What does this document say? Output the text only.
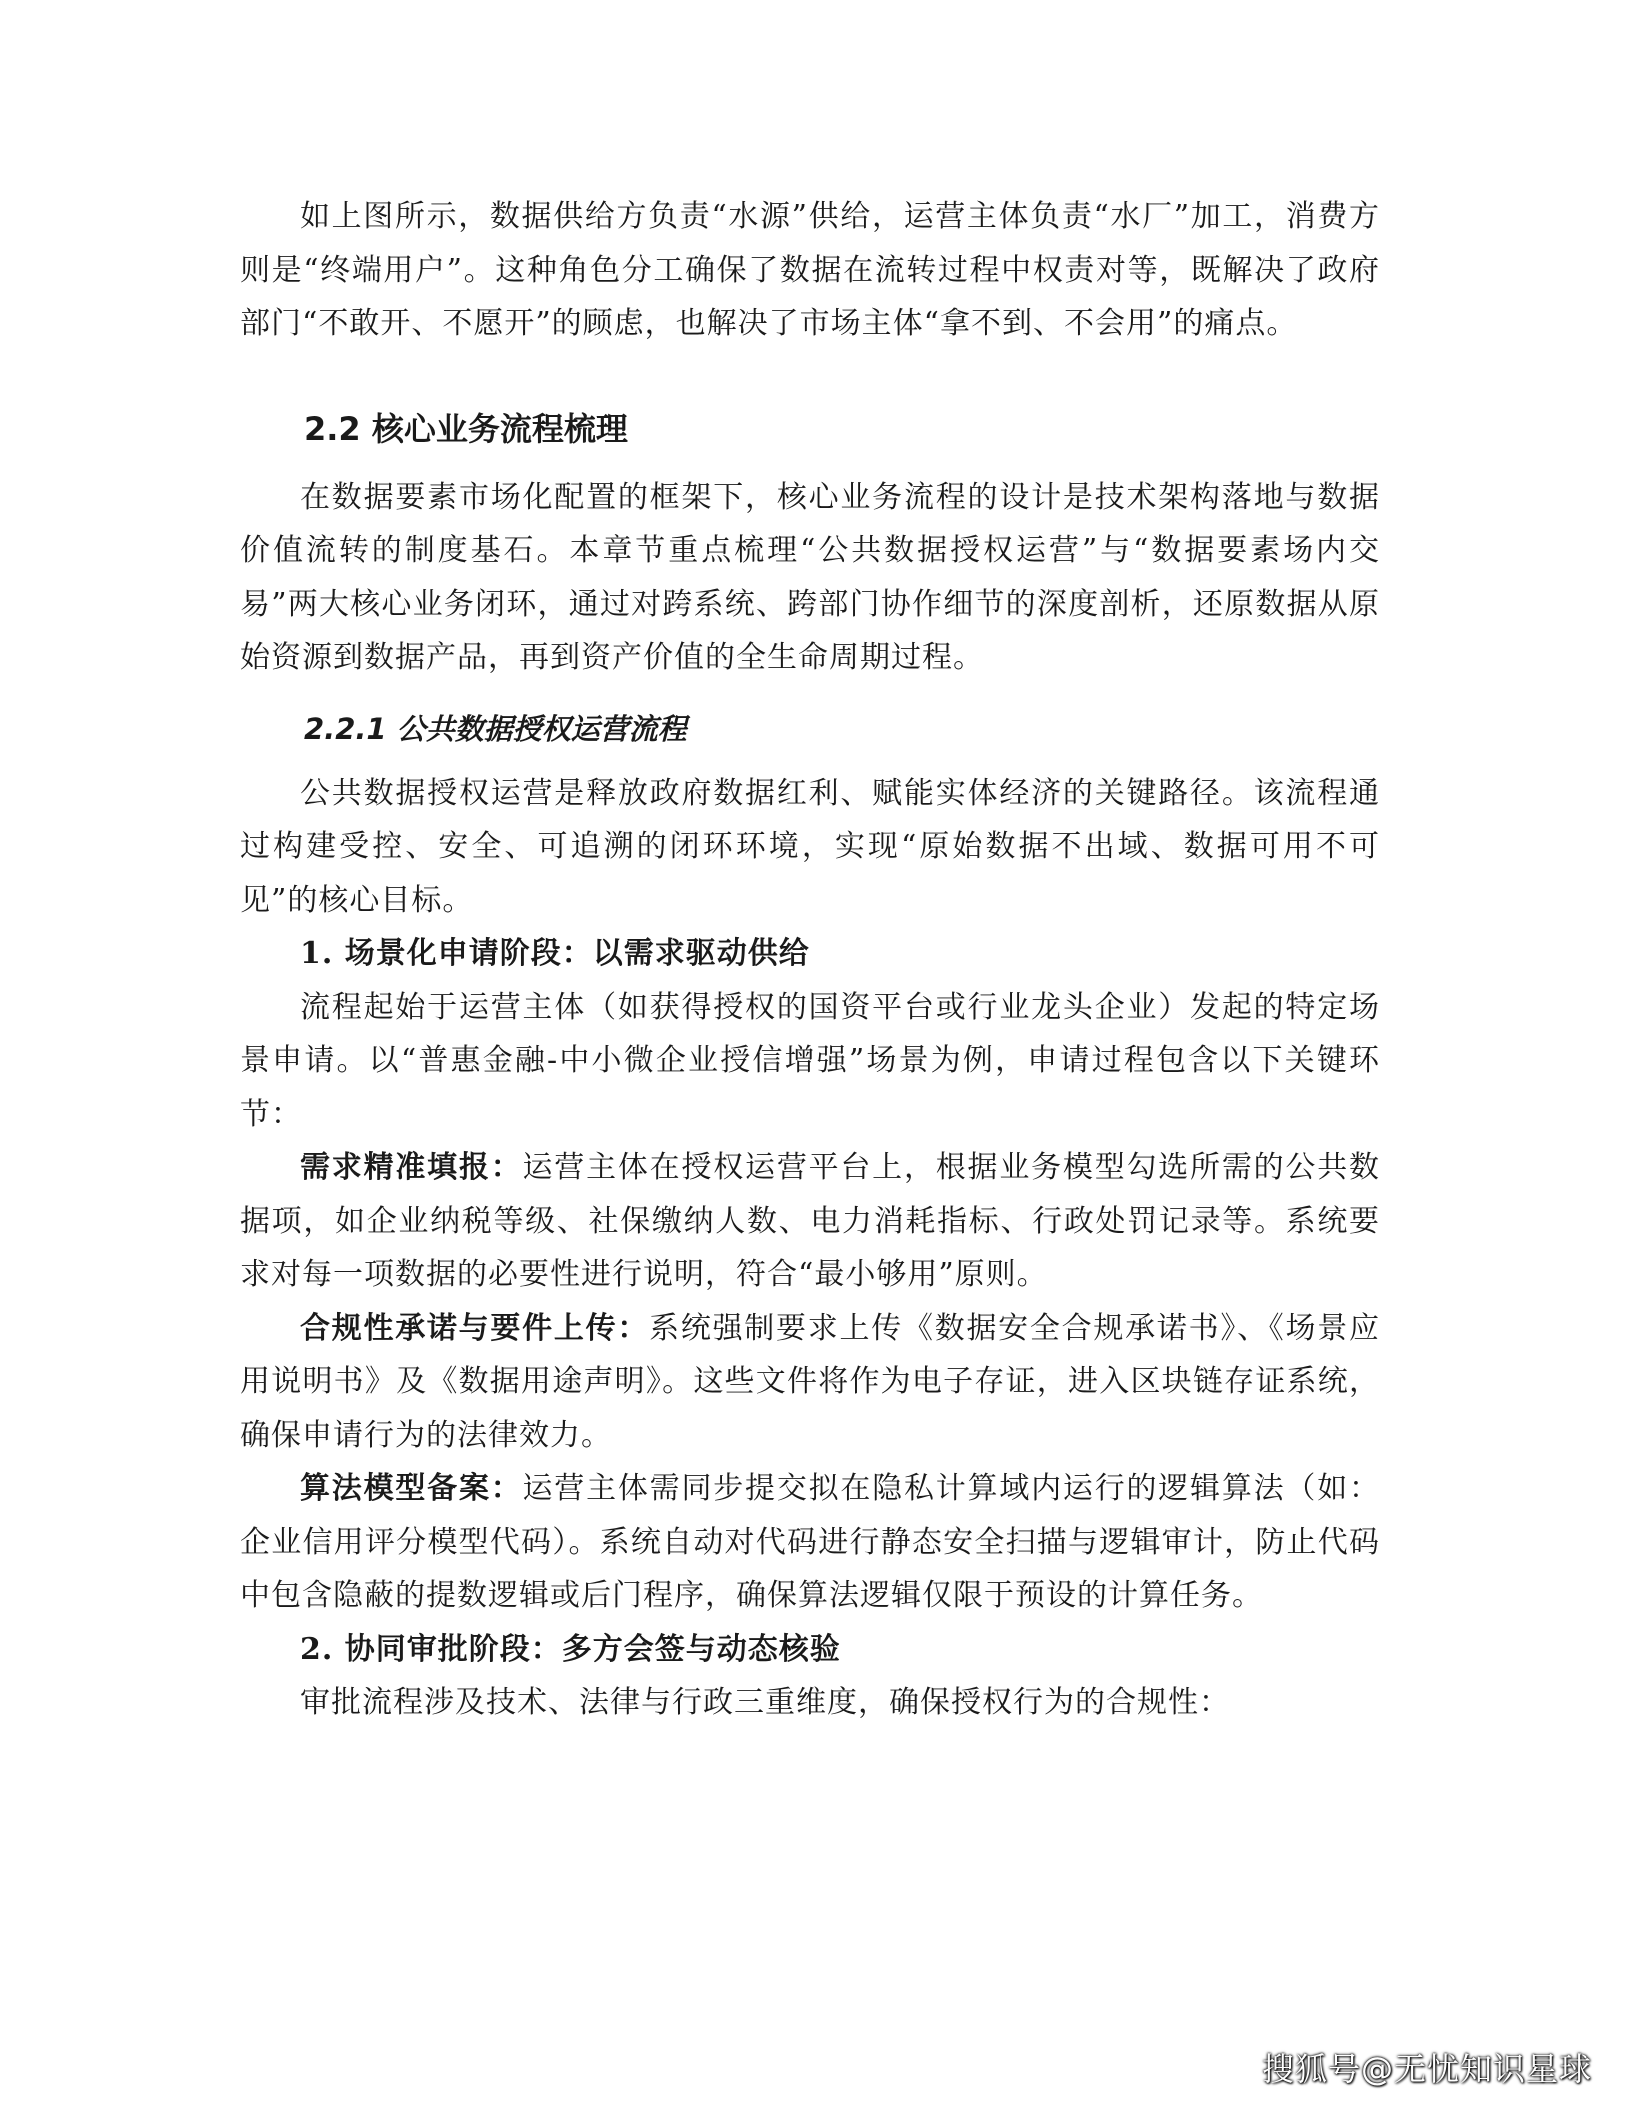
如上图所示，数据供给方负责“水源”供给，运营主体负责“水厂”加工，消费方则是“终端用户”。这种角色分工确保了数据在流转过程中权责对等，既解决了政府部门“不敢开、不愿开”的顾虑，也解决了市场主体“拿不到、不会用”的痛点。

2.2 核心业务流程梳理

在数据要素市场化配置的框架下，核心业务流程的设计是技术架构落地与数据价值流转的制度基石。本章节重点梳理“公共数据授权运营”与“数据要素场内交易”两大核心业务闭环，通过对跨系统、跨部门协作细节的深度剖析，还原数据从原始资源到数据产品，再到资产价值的全生命周期过程。

2.2.1 公共数据授权运营流程

公共数据授权运营是释放政府数据红利、赋能实体经济的关键路径。该流程通过构建受控、安全、可追溯的闭环环境，实现“原始数据不出域、数据可用不可见”的核心目标。

1. 场景化申请阶段：以需求驱动供给

流程起始于运营主体（如获得授权的国资平台或行业龙头企业）发起的特定场景申请。以“普惠金融-中小微企业授信增强”场景为例，申请过程包含以下关键环节：

需求精准填报：运营主体在授权运营平台上，根据业务模型勾选所需的公共数据项，如企业纳税等级、社保缴纳人数、电力消耗指标、行政处罚记录等。系统要求对每一项数据的必要性进行说明，符合“最小够用”原则。

合规性承诺与要件上传：系统强制要求上传《数据安全合规承诺书》、《场景应用说明书》及《数据用途声明》。这些文件将作为电子存证，进入区块链存证系统，确保申请行为的法律效力。

算法模型备案：运营主体需同步提交拟在隐私计算域内运行的逻辑算法（如：企业信用评分模型代码）。系统自动对代码进行静态安全扫描与逻辑审计，防止代码中包含隐蔽的提数逻辑或后门程序，确保算法逻辑仅限于预设的计算任务。

2. 协同审批阶段：多方会签与动态核验

审批流程涉及技术、法律与行政三重维度，确保授权行为的合规性：

搜狐号@无忧知识星球
